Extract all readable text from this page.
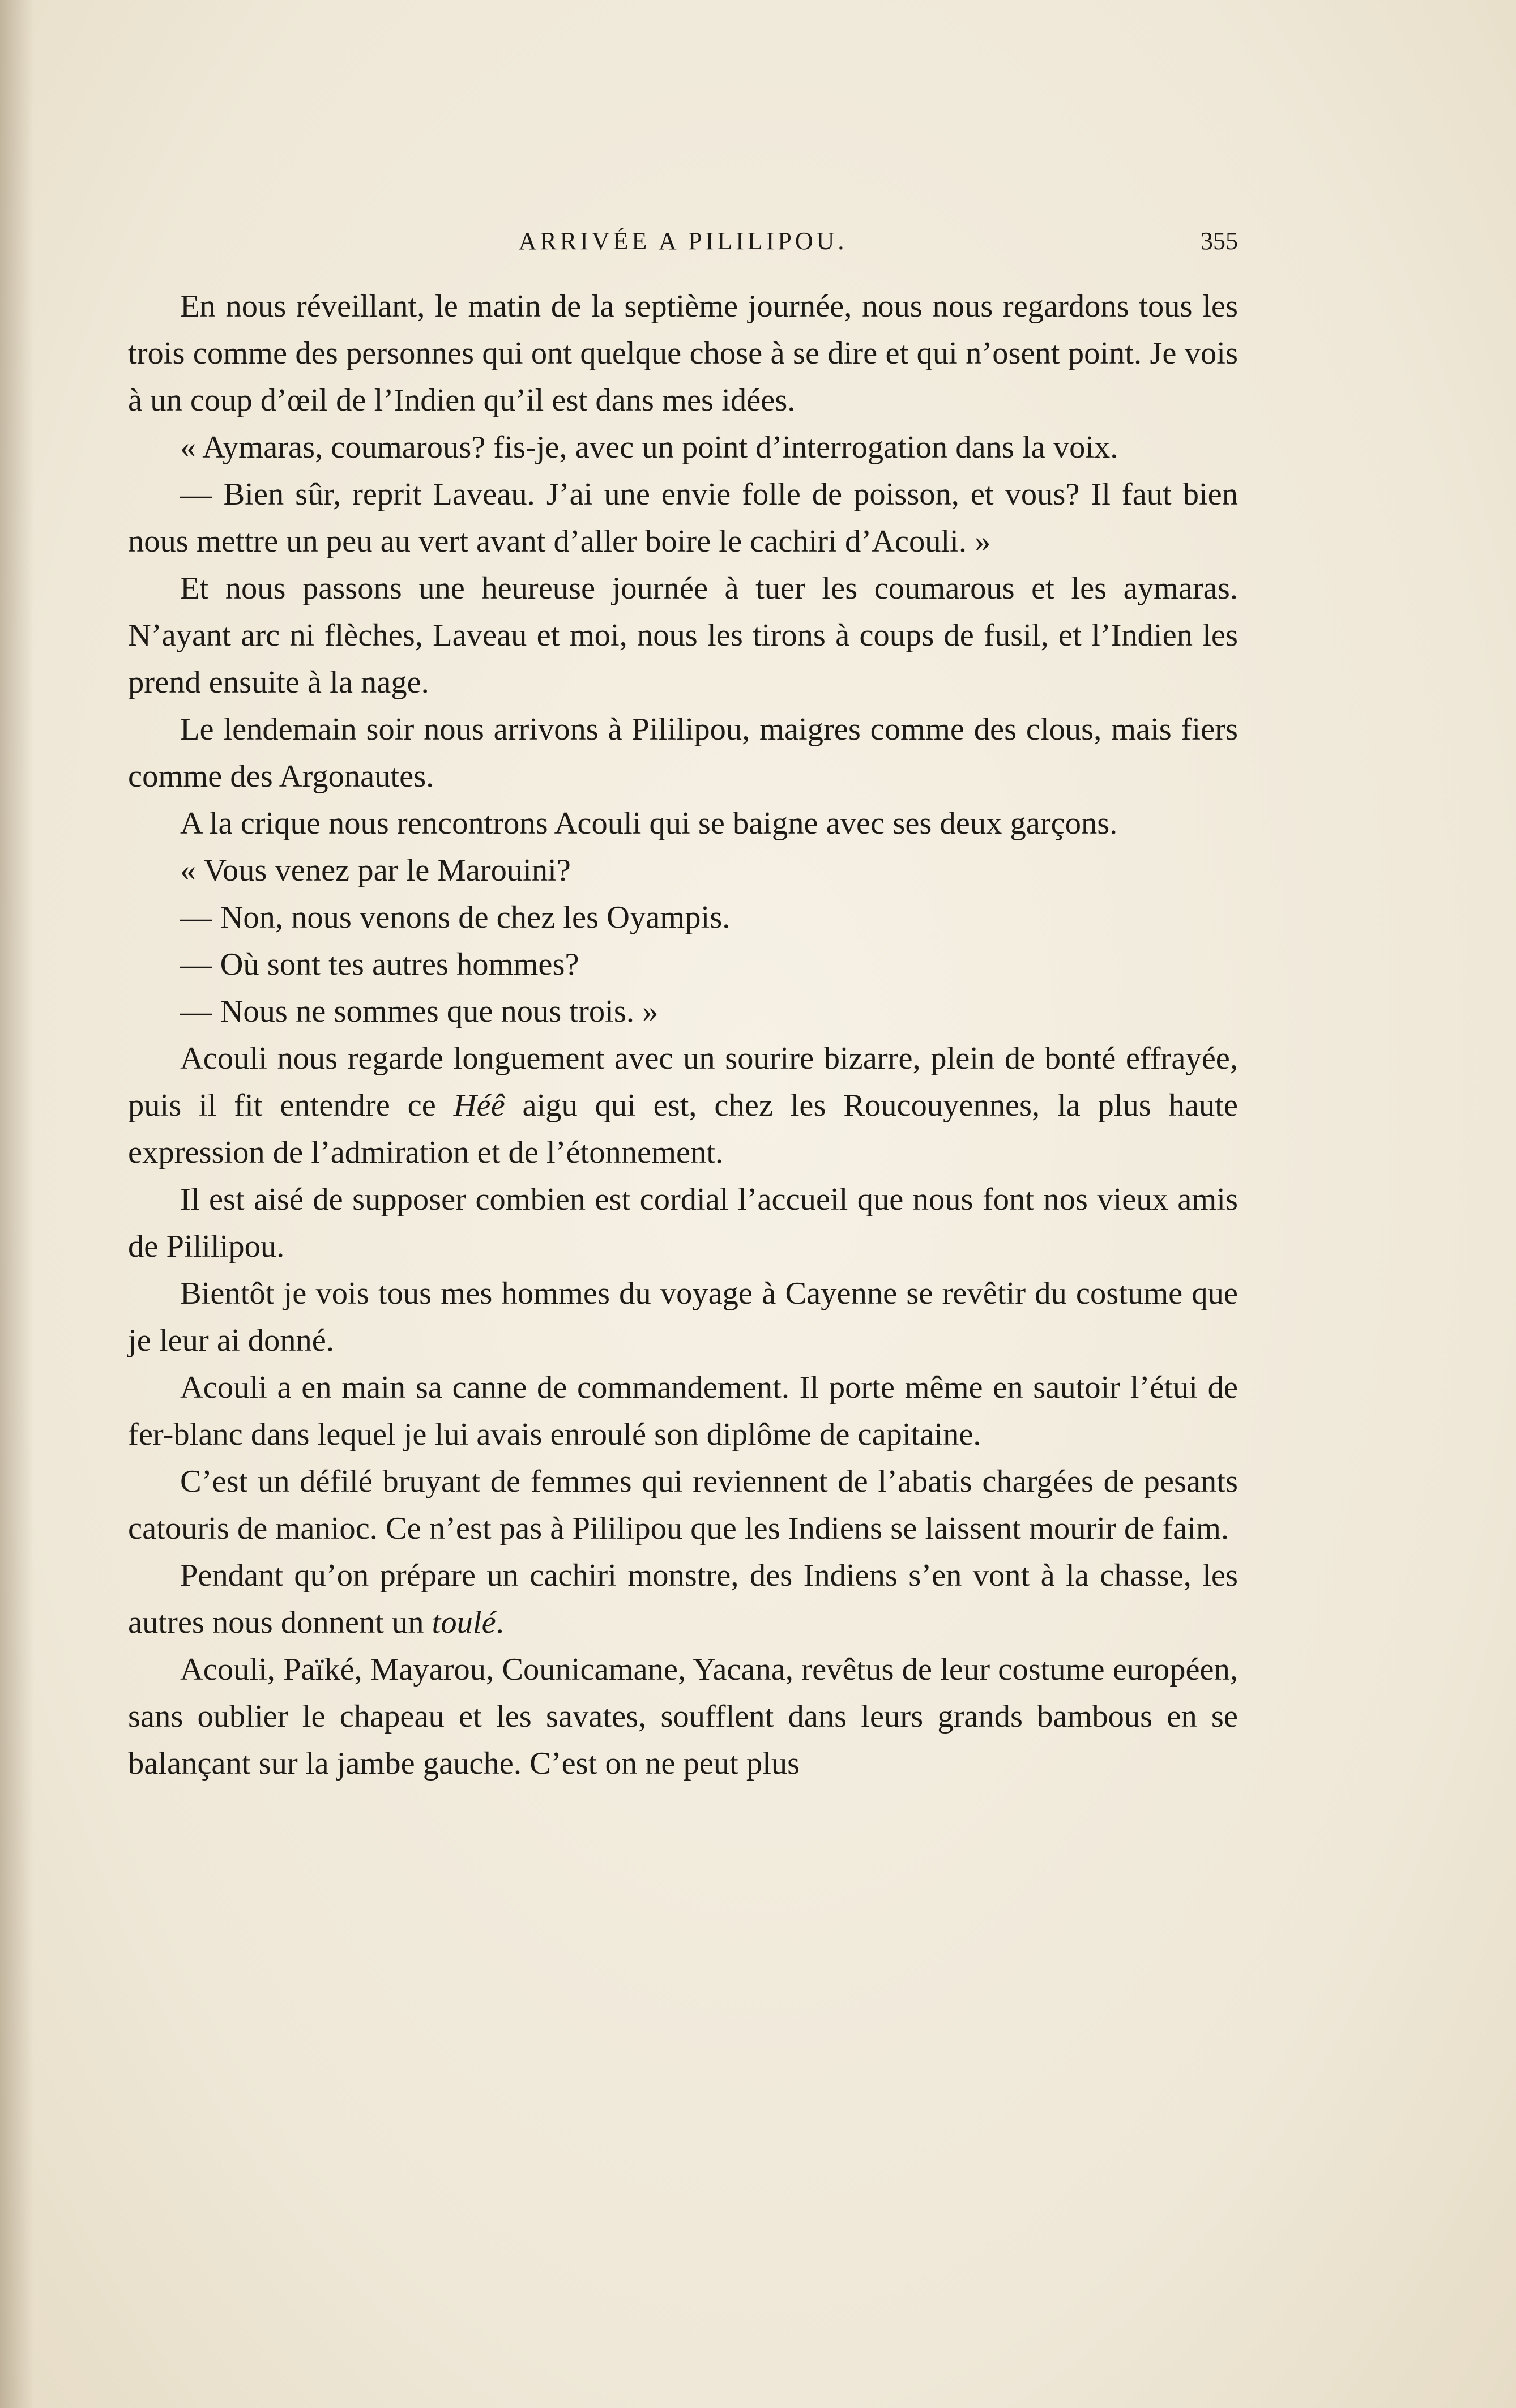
ARRIVÉE A PILILIPOU.	355

En nous réveillant, le matin de la septième journée, nous nous regardons tous les trois comme des personnes qui ont quelque chose à se dire et qui n’osent point. Je vois à un coup d’œil de l’Indien qu’il est dans mes idées.

« Aymaras, coumarous? fis-je, avec un point d’interrogation dans la voix.

— Bien sûr, reprit Laveau. J’ai une envie folle de poisson, et vous? Il faut bien nous mettre un peu au vert avant d’aller boire le cachiri d’Acouli. »

Et nous passons une heureuse journée à tuer les coumarous et les aymaras. N’ayant arc ni flèches, Laveau et moi, nous les tirons à coups de fusil, et l’Indien les prend ensuite à la nage.

Le lendemain soir nous arrivons à Pililipou, maigres comme des clous, mais fiers comme des Argonautes.

A la crique nous rencontrons Acouli qui se baigne avec ses deux garçons.

« Vous venez par le Marouini?

— Non, nous venons de chez les Oyampis.

— Où sont tes autres hommes?

— Nous ne sommes que nous trois. »

Acouli nous regarde longuement avec un sourire bizarre, plein de bonté effrayée, puis il fit entendre ce Héê aigu qui est, chez les Roucouyennes, la plus haute expression de l’admiration et de l’étonnement.

Il est aisé de supposer combien est cordial l’accueil que nous font nos vieux amis de Pililipou.

Bientôt je vois tous mes hommes du voyage à Cayenne se revêtir du costume que je leur ai donné.

Acouli a en main sa canne de commandement. Il porte même en sautoir l’étui de fer-blanc dans lequel je lui avais enroulé son diplôme de capitaine.

C’est un défilé bruyant de femmes qui reviennent de l’abatis chargées de pesants catouris de manioc. Ce n’est pas à Pililipou que les Indiens se laissent mourir de faim.

Pendant qu’on prépare un cachiri monstre, des Indiens s’en vont à la chasse, les autres nous donnent un toulé.

Acouli, Païké, Mayarou, Counicamane, Yacana, revêtus de leur costume européen, sans oublier le chapeau et les savates, soufflent dans leurs grands bambous en se balançant sur la jambe gauche. C’est on ne peut plus
